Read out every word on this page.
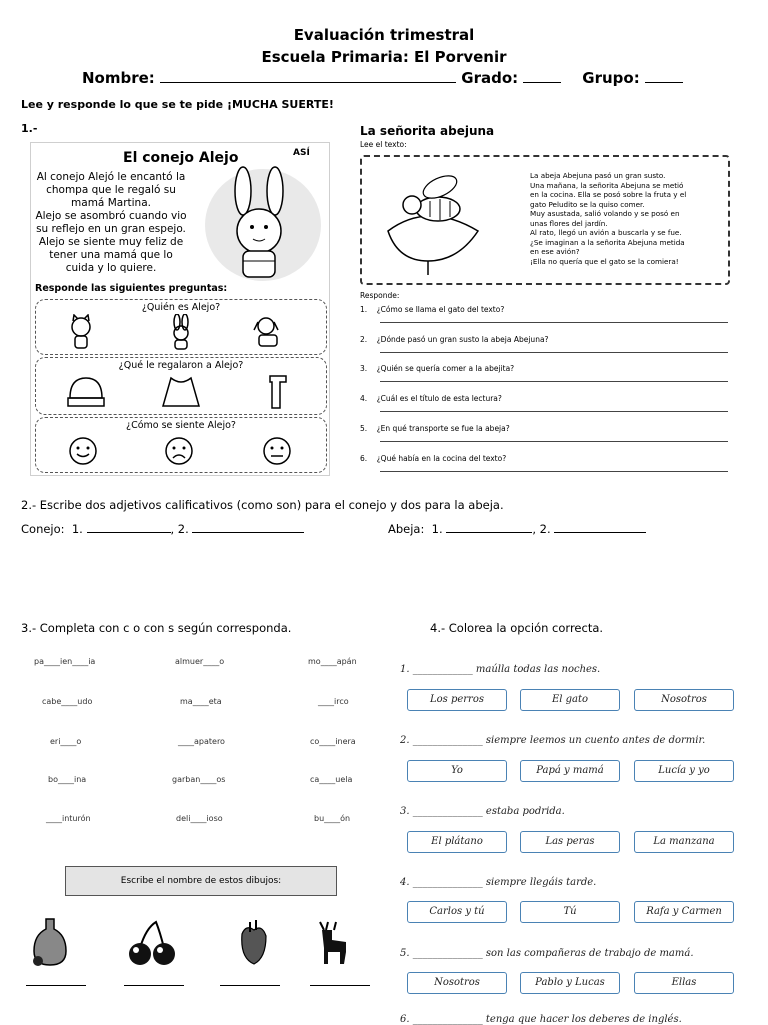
Evaluación trimestral
Escuela Primaria: El Porvenir
Nombre:	Grado:	Grupo:
Lee y responde lo que se te pide ¡MUCHA SUERTE!
1.-
El conejo Alejo	ASÍ
Al conejo Alejó le encantó la
chompa que le regaló su
mamá Martina.
Alejo se asombró cuando vio
su reflejo en un gran espejo.
Alejo se siente muy feliz de
tener una mamá que lo
cuida y lo quiere.
Responde las siguientes preguntas:
¿Quién es Alejo?
¿Qué le regalaron a Alejo?
¿Cómo se siente Alejo?
La señorita abejuna
Lee el texto:
La abeja Abejuna pasó un gran susto.
Una mañana, la señorita Abejuna se metió
en la cocina. Ella se posó sobre la fruta y el
gato Peludito se la quiso comer.
Muy asustada, salió volando y se posó en
unas flores del jardín.
Al rato, llegó un avión a buscarla y se fue.
¿Se imaginan a la señorita Abejuna metida
en ese avión?
¡Ella no quería que el gato se la comiera!
Responde:
1. ¿Cómo se llama el gato del texto?
2. ¿Dónde pasó un gran susto la abeja Abejuna?
3. ¿Quién se quería comer a la abejita?
4. ¿Cuál es el título de esta lectura?
5. ¿En qué transporte se fue la abeja?
6. ¿Qué había en la cocina del texto?
2.- Escribe dos adjetivos calificativos (como son) para el conejo y dos para la abeja.
Conejo: 1.	, 2.	Abeja: 1.	, 2.
3.- Completa con c o con s según corresponda.
pa____ien____ia	almuer____o	mo____apán
cabe____udo	ma____eta	____irco
eri____o	____apatero	co____inera
bo____ina	garban____os	ca____uela
____inturón	deli____ioso	bu____ón
Escribe el nombre de estos dibujos:
4.- Colorea la opción correcta.
1. ____________ maúlla todas las noches.
Los perros	El gato	Nosotros
2. ______________ siempre leemos un cuento antes de dormir.
Yo	Papá y mamá	Lucía y yo
3. ______________ estaba podrida.
El plátano	Las peras	La manzana
4. ______________ siempre llegáis tarde.
Carlos y tú	Tú	Rafa y Carmen
5. ______________ son las compañeras de trabajo de mamá.
Nosotros	Pablo y Lucas	Ellas
6. ______________ tenga que hacer los deberes de inglés.
